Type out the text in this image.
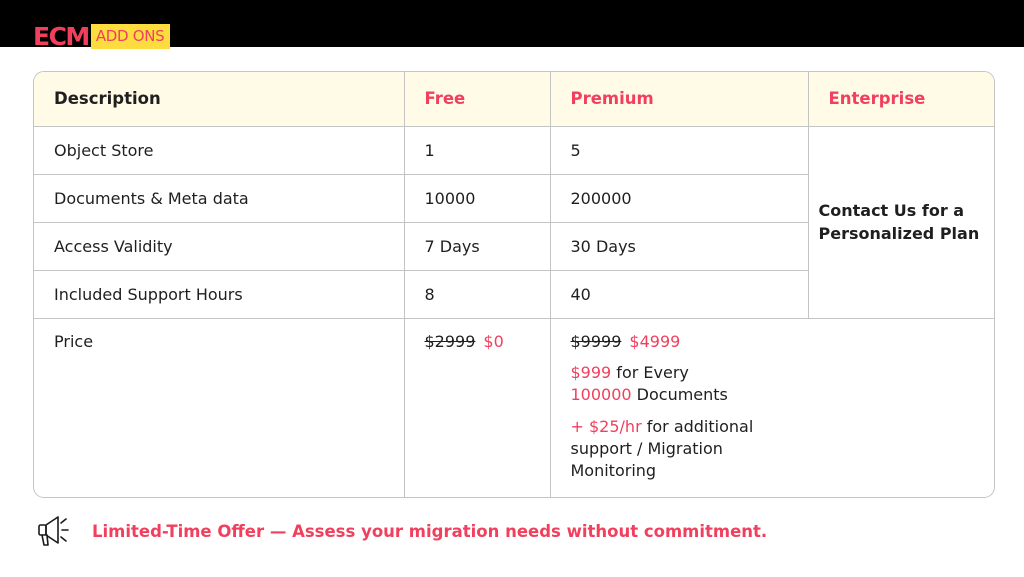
ECM ADD ONS
Description	Free	Premium	Enterprise
Object Store	1	5	Contact Us for a Personalized Plan
Documents & Meta data	10000	200000	
Access Validity	7 Days	30 Days	
Included Support Hours	8	40	
Price	$2999 $0	$9999 $4999
$999 for Every
100000 Documents
+ $25/hr for additional support / Migration Monitoring	
Limited-Time Offer — Assess your migration needs without commitment.
